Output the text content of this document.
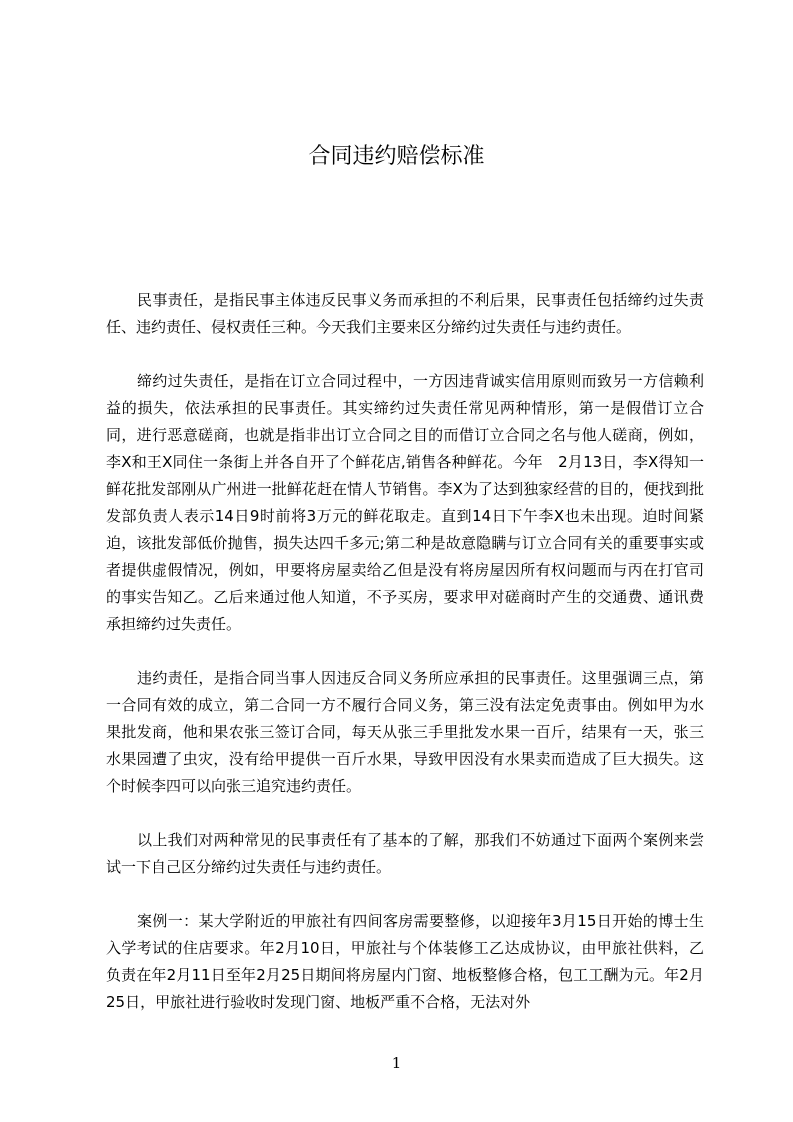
合同违约赔偿标准

民事责任，是指民事主体违反民事义务而承担的不利后果，民事责任包括缔约过失责任、违约责任、侵权责任三种。今天我们主要来区分缔约过失责任与违约责任。

缔约过失责任，是指在订立合同过程中，一方因违背诚实信用原则而致另一方信赖利益的损失，依法承担的民事责任。其实缔约过失责任常见两种情形，第一是假借订立合同，进行恶意磋商，也就是指非出订立合同之目的而借订立合同之名与他人磋商，例如，李X和王X同住一条街上并各自开了个鲜花店,销售各种鲜花。今年　2月13日，李X得知一鲜花批发部刚从广州进一批鲜花赶在情人节销售。李X为了达到独家经营的目的，便找到批发部负责人表示14日9时前将3万元的鲜花取走。直到14日下午李X也未出现。迫时间紧迫，该批发部低价抛售，损失达四千多元;第二种是故意隐瞒与订立合同有关的重要事实或者提供虚假情况，例如，甲要将房屋卖给乙但是没有将房屋因所有权问题而与丙在打官司的事实告知乙。乙后来通过他人知道，不予买房，要求甲对磋商时产生的交通费、通讯费承担缔约过失责任。

违约责任，是指合同当事人因违反合同义务所应承担的民事责任。这里强调三点，第一合同有效的成立，第二合同一方不履行合同义务，第三没有法定免责事由。例如甲为水果批发商，他和果农张三签订合同，每天从张三手里批发水果一百斤，结果有一天，张三水果园遭了虫灾，没有给甲提供一百斤水果，导致甲因没有水果卖而造成了巨大损失。这个时候李四可以向张三追究违约责任。

以上我们对两种常见的民事责任有了基本的了解，那我们不妨通过下面两个案例来尝试一下自己区分缔约过失责任与违约责任。

案例一：某大学附近的甲旅社有四间客房需要整修，以迎接年3月15日开始的博士生入学考试的住店要求。年2月10日，甲旅社与个体装修工乙达成协议，由甲旅社供料，乙负责在年2月11日至年2月25日期间将房屋内门窗、地板整修合格，包工工酬为元。年2月25日，甲旅社进行验收时发现门窗、地板严重不合格，无法对外

1
